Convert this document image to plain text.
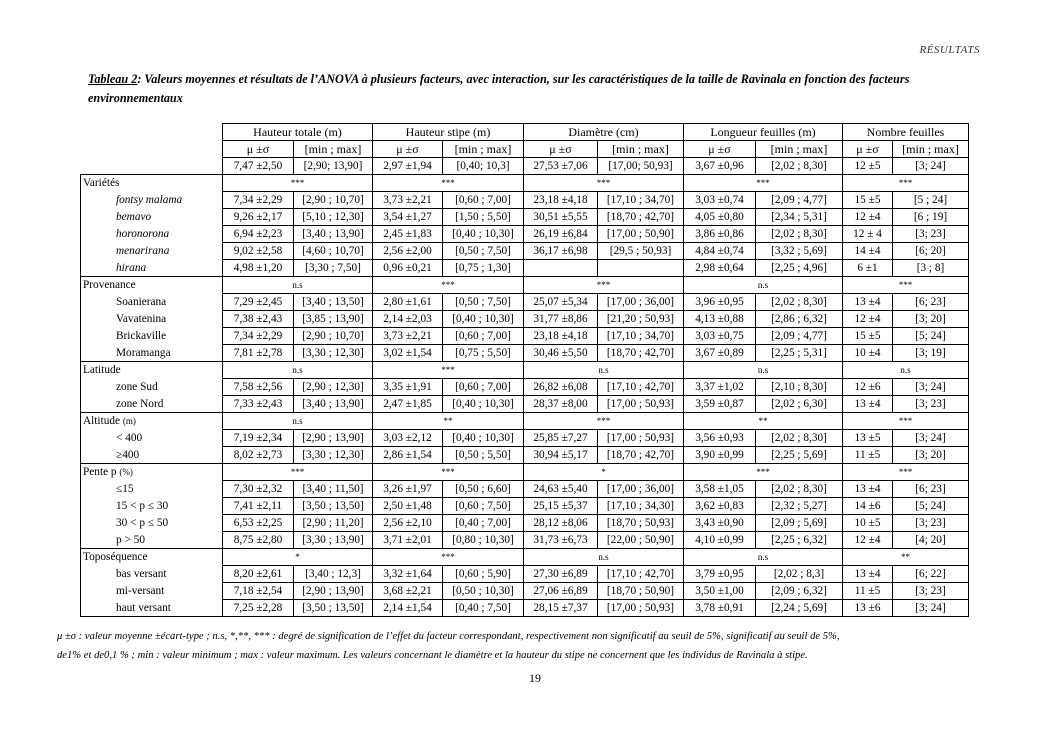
RÉSULTATS
Tableau 2: Valeurs moyennes et résultats de l’ANOVA à plusieurs facteurs, avec interaction, sur les caractéristiques de la taille de Ravinala en fonction des facteurs environnementaux
	Hauteur totale (m)		Hauteur stipe (m)		Diamètre (cm)		Longueur feuilles (m)		Nombre feuilles	
	μ ±σ	[min ; max]	μ ±σ	[min ; max]	μ ±σ	[min ; max]	μ ±σ	[min ; max]	μ ±σ	[min ; max]
	7,47 ±2,50	[2,90; 13,90]	2,97 ±1,94	[0,40; 10,3]	27,53 ±7,06	[17,00; 50,93]	3,67 ±0,96	[2,02 ; 8,30]	12 ±5	[3; 24]
Variétés	***		***		***		***		***	
fontsy malama	7,34 ±2,29	[2,90 ; 10,70]	3,73 ±2,21	[0,60 ; 7,00]	23,18 ±4,18	[17,10 ; 34,70]	3,03 ±0,74	[2,09 ; 4,77]	15 ±5	[5 ; 24]
bemavo	9,26 ±2,17	[5,10 ; 12,30]	3,54 ±1,27	[1,50 ; 5,50]	30,51 ±5,55	[18,70 ; 42,70]	4,05 ±0,80	[2,34 ; 5,31]	12 ±4	[6 ; 19]
horonorona	6,94 ±2,23	[3,40 ; 13,90]	2,45 ±1,83	[0,40 ; 10,30]	26,19 ±6,84	[17,00 ; 50,90]	3,86 ±0,86	[2,02 ; 8,30]	12 ± 4	[3; 23]
menarirana	9,02 ±2,58	[4,60 ; 10,70]	2,56 ±2,00	[0,50 ; 7,50]	36,17 ±6,98	[29,5 ; 50,93]	4,84 ±0,74	[3,32 ; 5,69]	14 ±4	[6; 20]
hirana	4,98 ±1,20	[3,30 ; 7,50]	0,96 ±0,21	[0,75 ; 1,30]			2,98 ±0,64	[2,25 ; 4,96]	6 ±1	[3 ; 8]
Provenance	n.s		***		***		n.s		***	
Soanierana	7,29 ±2,45	[3,40 ; 13,50]	2,80 ±1,61	[0,50 ; 7,50]	25,07 ±5,34	[17,00 ; 36,00]	3,96 ±0,95	[2,02 ; 8,30]	13 ±4	[6; 23]
Vavatenina	7,38 ±2,43	[3,85 ; 13,90]	2,14 ±2,03	[0,40 ; 10,30]	31,77 ±8,86	[21,20 ; 50,93]	4,13 ±0,88	[2,86 ; 6,32]	12 ±4	[3; 20]
Brickaville	7,34 ±2,29	[2,90 ; 10,70]	3,73 ±2,21	[0,60 ; 7,00]	23,18 ±4,18	[17,10 ; 34,70]	3,03 ±0,75	[2,09 ; 4,77]	15 ±5	[5; 24]
Moramanga	7,81 ±2,78	[3,30 ; 12,30]	3,02 ±1,54	[0,75 ; 5,50]	30,46 ±5,50	[18,70 ; 42,70]	3,67 ±0,89	[2,25 ; 5,31]	10 ±4	[3; 19]
Latitude	n.s		***		n.s		n.s		n.s	
zone Sud	7,58 ±2,56	[2,90 ; 12,30]	3,35 ±1,91	[0,60 ; 7,00]	26,82 ±6,08	[17,10 ; 42,70]	3,37 ±1,02	[2,10 ; 8,30]	12 ±6	[3; 24]
zone Nord	7,33 ±2,43	[3,40 ; 13,90]	2,47 ±1,85	[0,40 ; 10,30]	28,37 ±8,00	[17,00 ; 50,93]	3,59 ±0,87	[2,02 ; 6,30]	13 ±4	[3; 23]
Altitude (m)	n.s		**		***		**		***	
< 400	7,19 ±2,34	[2,90 ; 13,90]	3,03 ±2,12	[0,40 ; 10,30]	25,85 ±7,27	[17,00 ; 50,93]	3,56 ±0,93	[2,02 ; 8,30]	13 ±5	[3; 24]
≥400	8,02 ±2,73	[3,30 ; 12,30]	2,86 ±1,54	[0,50 ; 5,50]	30,94 ±5,17	[18,70 ; 42,70]	3,90 ±0,99	[2,25 ; 5,69]	11 ±5	[3; 20]
Pente p (%)	***		***		*		***		***	
≤15	7,30 ±2,32	[3,40 ; 11,50]	3,26 ±1,97	[0,50 ; 6,60]	24,63 ±5,40	[17,00 ; 36,00]	3,58 ±1,05	[2,02 ; 8,30]	13 ±4	[6; 23]
15 < p ≤ 30	7,41 ±2,11	[3,50 ; 13,50]	2,50 ±1,48	[0,60 ; 7,50]	25,15 ±5,37	[17,10 ; 34,30]	3,62 ±0,83	[2,32 ; 5,27]	14 ±6	[5; 24]
30 < p ≤ 50	6,53 ±2,25	[2,90 ; 11,20]	2,56 ±2,10	[0,40 ; 7,00]	28,12 ±8,06	[18,70 ; 50,93]	3,43 ±0,90	[2,09 ; 5,69]	10 ±5	[3; 23]
p > 50	8,75 ±2,80	[3,30 ; 13,90]	3,71 ±2,01	[0,80 ; 10,30]	31,73 ±6,73	[22,00 ; 50,90]	4,10 ±0,99	[2,25 ; 6,32]	12 ±4	[4; 20]
Toposéquence	*		***		n.s		n.s		**	
bas versant	8,20 ±2,61	[3,40 ; 12,3]	3,32 ±1,64	[0,60 ; 5,90]	27,30 ±6,89	[17,10 ; 42,70]	3,79 ±0,95	[2,02 ; 8,3]	13 ±4	[6; 22]
mi-versant	7,18 ±2,54	[2,90 ; 13,90]	3,68 ±2,21	[0,50 ; 10,30]	27,06 ±6,89	[18,70 ; 50,90]	3,50 ±1,00	[2,09 ; 6,32]	11 ±5	[3; 23]
haut versant	7,25 ±2,28	[3,50 ; 13,50]	2,14 ±1,54	[0,40 ; 7,50]	28,15 ±7,37	[17,00 ; 50,93]	3,78 ±0,91	[2,24 ; 5,69]	13 ±6	[3; 24]
μ ±σ : valeur moyenne ±écart-type ; n.s, *,**, *** : degré de signification de l’effet du facteur correspondant, respectivement non significatif au seuil de 5%, significatif au seuil de 5%,
de1% et de0,1 % ; min : valeur minimum ; max : valeur maximum. Les valeurs concernant le diamètre et la hauteur du stipe ne concernent que les individus de Ravinala à stipe.
19
